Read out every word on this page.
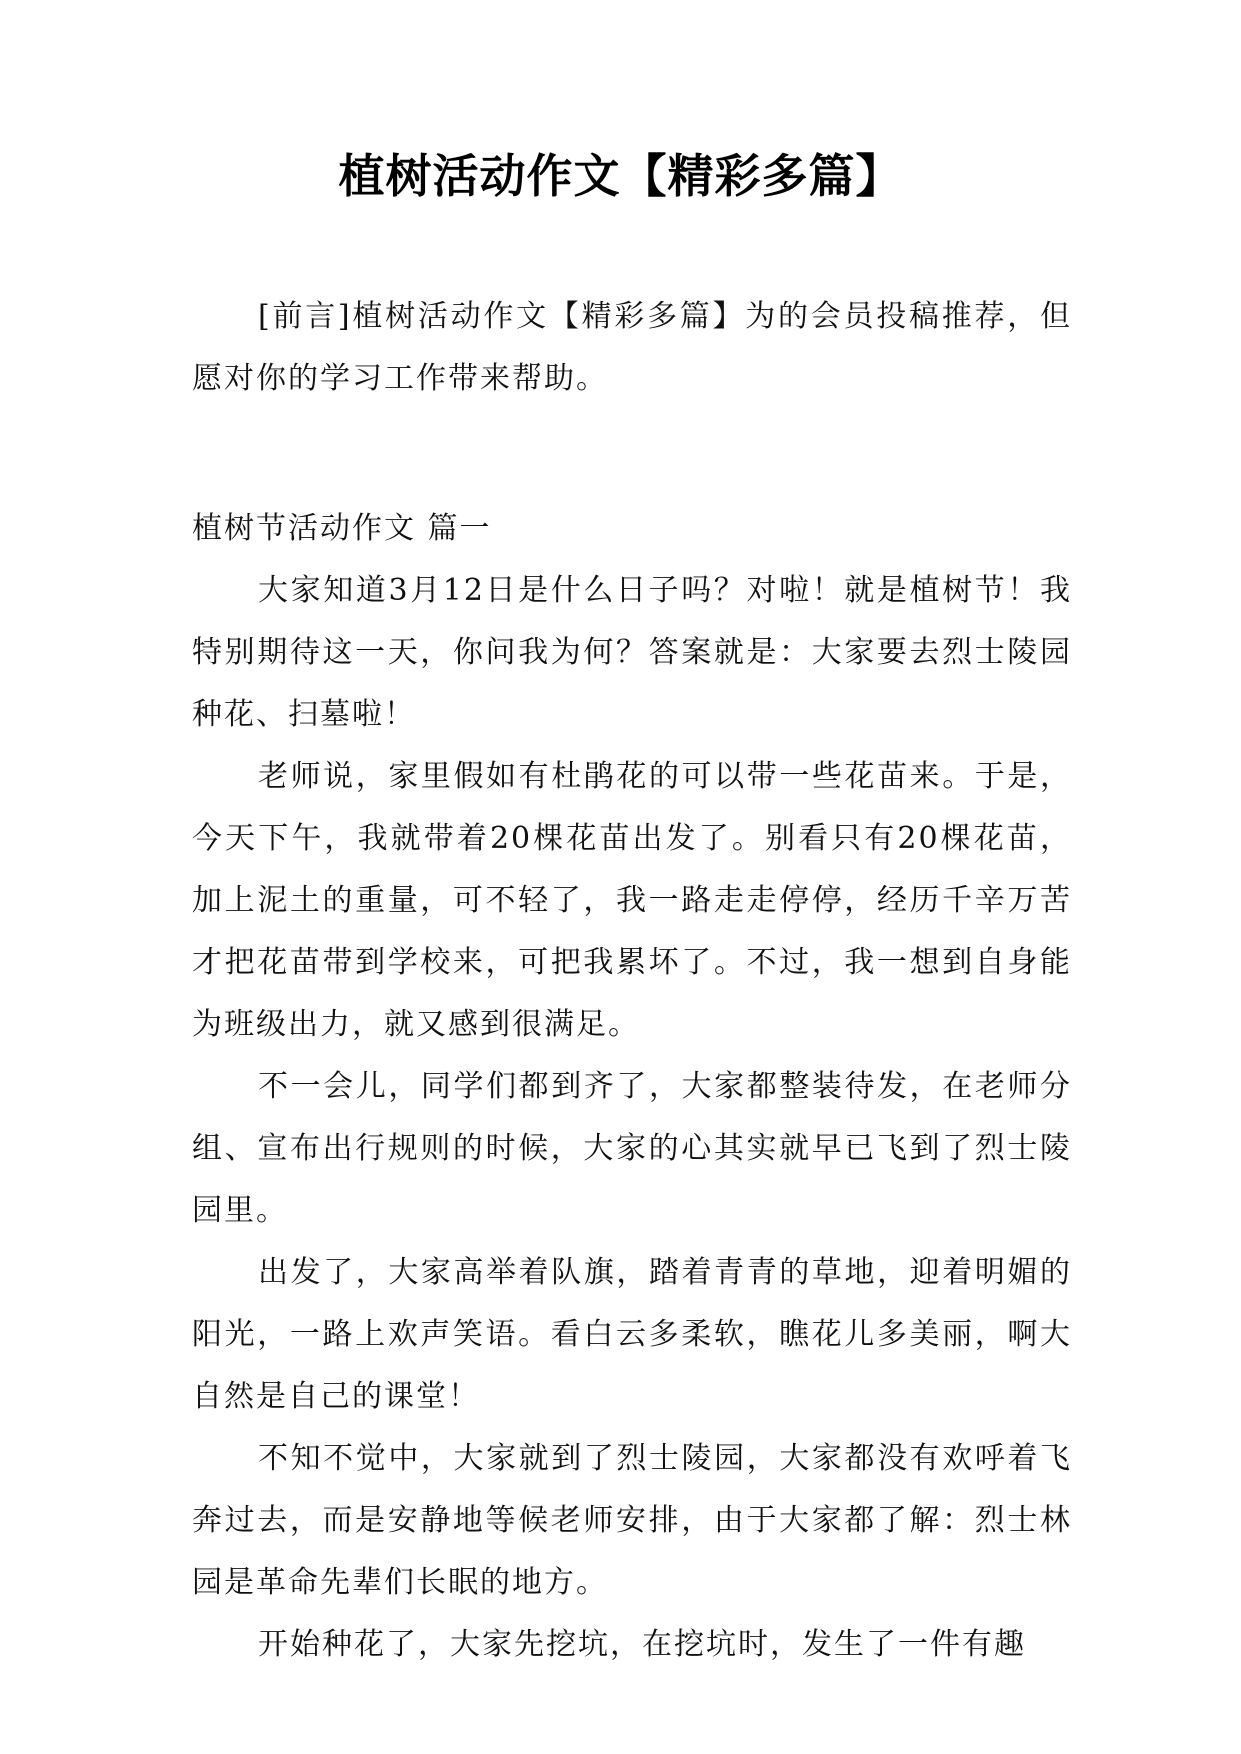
植树活动作文【精彩多篇】

[前言]植树活动作文【精彩多篇】为的会员投稿推荐，但愿对你的学习工作带来帮助。

植树节活动作文 篇一

大家知道3月12日是什么日子吗？对啦！就是植树节！我特别期待这一天，你问我为何？答案就是：大家要去烈士陵园种花、扫墓啦！

老师说，家里假如有杜鹃花的可以带一些花苗来。于是，今天下午，我就带着20棵花苗出发了。别看只有20棵花苗，加上泥土的重量，可不轻了，我一路走走停停，经历千辛万苦才把花苗带到学校来，可把我累坏了。不过，我一想到自身能为班级出力，就又感到很满足。

不一会儿，同学们都到齐了，大家都整装待发，在老师分组、宣布出行规则的时候，大家的心其实就早已飞到了烈士陵园里。

出发了，大家高举着队旗，踏着青青的草地，迎着明媚的阳光，一路上欢声笑语。看白云多柔软，瞧花儿多美丽，啊大自然是自己的课堂！

不知不觉中，大家就到了烈士陵园，大家都没有欢呼着飞奔过去，而是安静地等候老师安排，由于大家都了解：烈士林园是革命先辈们长眠的地方。

开始种花了，大家先挖坑，在挖坑时，发生了一件有趣
